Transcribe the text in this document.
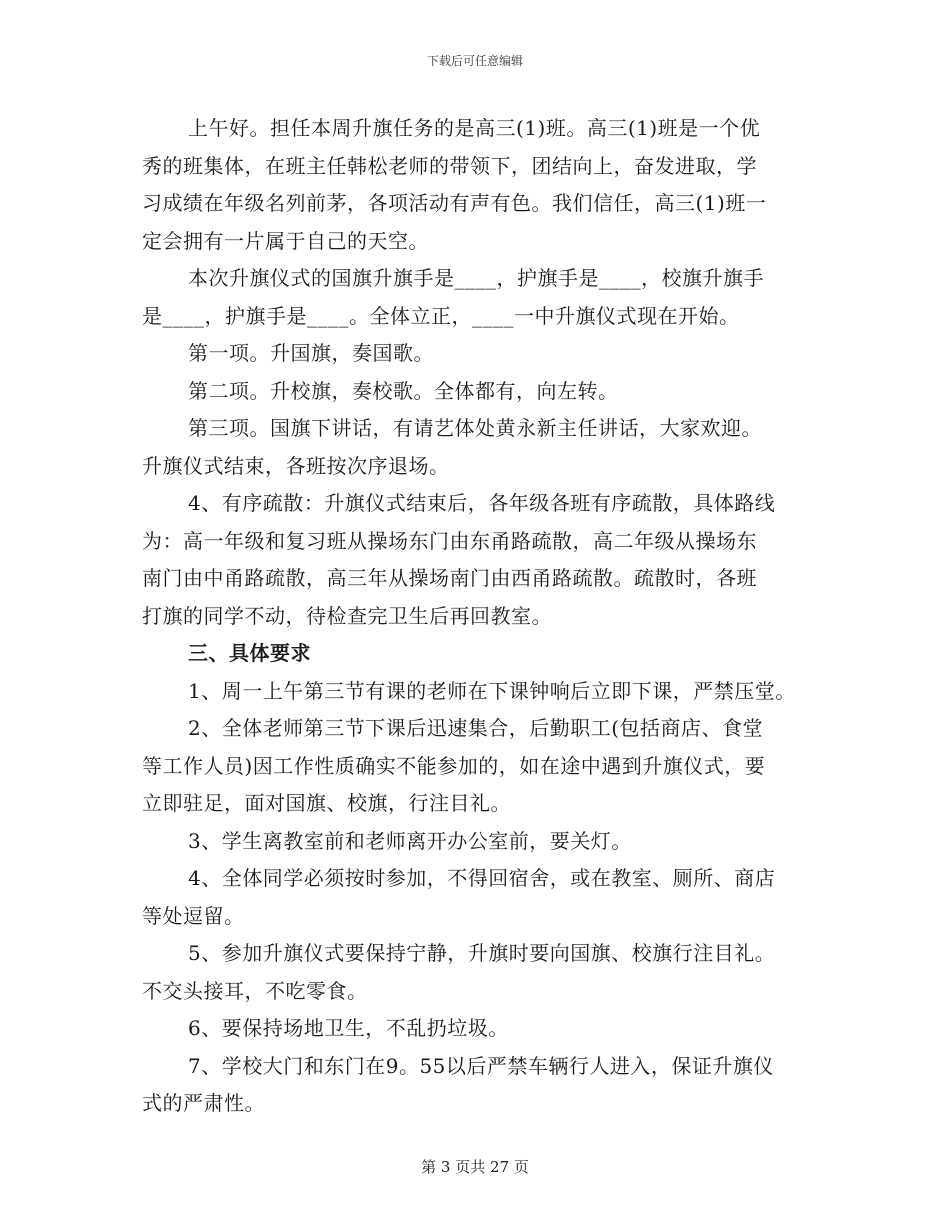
下载后可任意编辑
上午好。担任本周升旗任务的是高三(1)班。高三(1)班是一个优
秀的班集体，在班主任韩松老师的带领下，团结向上，奋发进取，学
习成绩在年级名列前茅，各项活动有声有色。我们信任，高三(1)班一
定会拥有一片属于自己的天空。
本次升旗仪式的国旗升旗手是____，护旗手是____，校旗升旗手
是____，护旗手是____。全体立正，____一中升旗仪式现在开始。
第一项。升国旗，奏国歌。
第二项。升校旗，奏校歌。全体都有，向左转。
第三项。国旗下讲话，有请艺体处黄永新主任讲话，大家欢迎。
升旗仪式结束，各班按次序退场。
4、有序疏散：升旗仪式结束后，各年级各班有序疏散，具体路线
为：高一年级和复习班从操场东门由东甬路疏散，高二年级从操场东
南门由中甬路疏散，高三年从操场南门由西甬路疏散。疏散时，各班
打旗的同学不动，待检查完卫生后再回教室。
三、具体要求
1、周一上午第三节有课的老师在下课钟响后立即下课，严禁压堂。
2、全体老师第三节下课后迅速集合，后勤职工(包括商店、食堂
等工作人员)因工作性质确实不能参加的，如在途中遇到升旗仪式，要
立即驻足，面对国旗、校旗，行注目礼。
3、学生离教室前和老师离开办公室前，要关灯。
4、全体同学必须按时参加，不得回宿舍，或在教室、厕所、商店
等处逗留。
5、参加升旗仪式要保持宁静，升旗时要向国旗、校旗行注目礼。
不交头接耳，不吃零食。
6、要保持场地卫生，不乱扔垃圾。
7、学校大门和东门在9。55以后严禁车辆行人进入，保证升旗仪
式的严肃性。
第 3 页共 27 页
